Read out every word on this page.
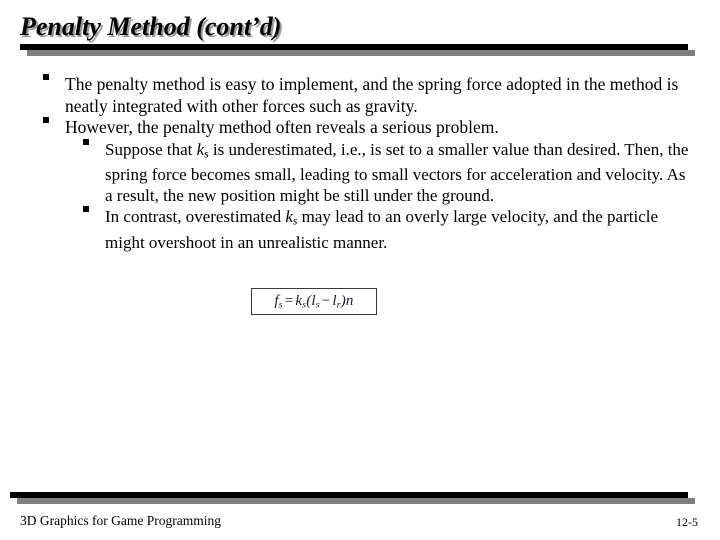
Penalty Method (cont’d)
The penalty method is easy to implement, and the spring force adopted in the method is neatly integrated with other forces such as gravity.
However, the penalty method often reveals a serious problem.
Suppose that $k_s$ is underestimated, i.e., is set to a smaller value than desired. Then, the spring force becomes small, leading to small vectors for acceleration and velocity. As a result, the new position might be still under the ground.
In contrast, overestimated $k_s$ may lead to an overly large velocity, and the particle might overshoot in an unrealistic manner.
$f_s = k_s(l_s - l_r)n$
3D Graphics for Game Programming	12-5
